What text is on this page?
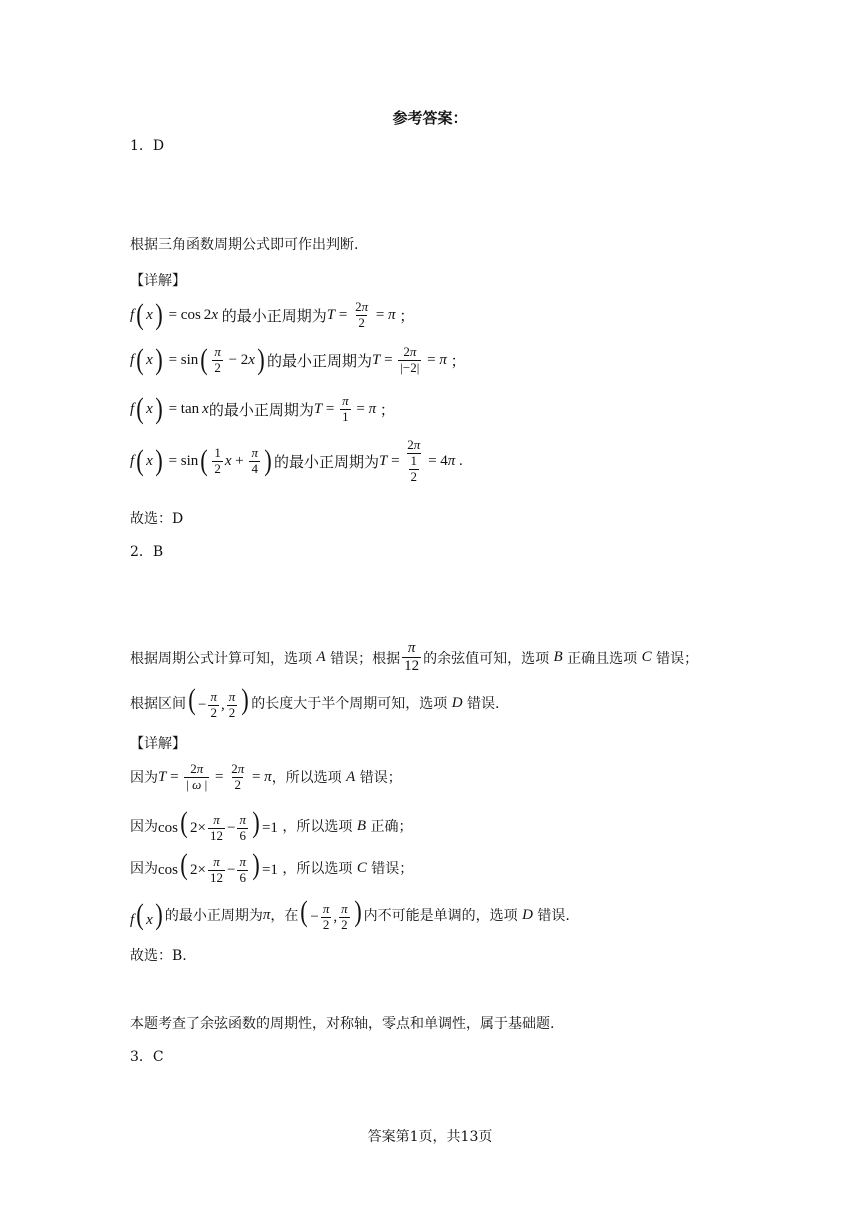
参考答案：
1．D
根据三角函数周期公式即可作出判断.
【详解】
f ( x ) = cos 2 x
的最小正周期为 $T = \frac{2\pi}{2} = \pi$
；
f ( x ) = sin ( $\frac{\pi}{2} - 2$ x ) 的最小正周期为 $T = \frac{2\pi}{|-2|} = \pi$
；
f ( x ) = tan  x 的最小正周期为 $T = \frac{\pi}{1} = \pi$
；
f ( x ) = sin ( $\frac{1}{2}$ $x + \frac{\pi}{4}$ ) 的最小正周期为 $T = \frac{2\pi}{\frac{1}{2}} = 4$ π
.
故选：D
2．B
根据周期公式计算可知，选项
A
错误；根据 $\frac{\pi}{12}$ 的余弦值可知，选项
B
正确且选项
C
错误；
根据区间 ( − $\frac{\pi}{2}$ , $\frac{\pi}{2}$ ) 的长度大于半个周期可知，选项
D
错误.
【详解】
因为 $T = \frac{2\pi}{| \omega |} = \frac{2\pi}{2} = \pi$ ，所以选项
A
错误；
因为 cos( $2\times \frac{\pi}{12} - \frac{\pi}{6}$ ) =1
，所以选项
B
正确；
因为 cos( $2\times \frac{\pi}{12} - \frac{\pi}{6}$ ) =1
，所以选项
C
错误；
f( x) 的最小正周期为 π ，在 ( − $\frac{\pi}{2}$ , $\frac{\pi}{2}$ ) 内不可能是单调的，选项
D
错误.
故选：B.
本题考查了余弦函数的周期性，对称轴，零点和单调性，属于基础题.
3．C
答案第1页，共13页
